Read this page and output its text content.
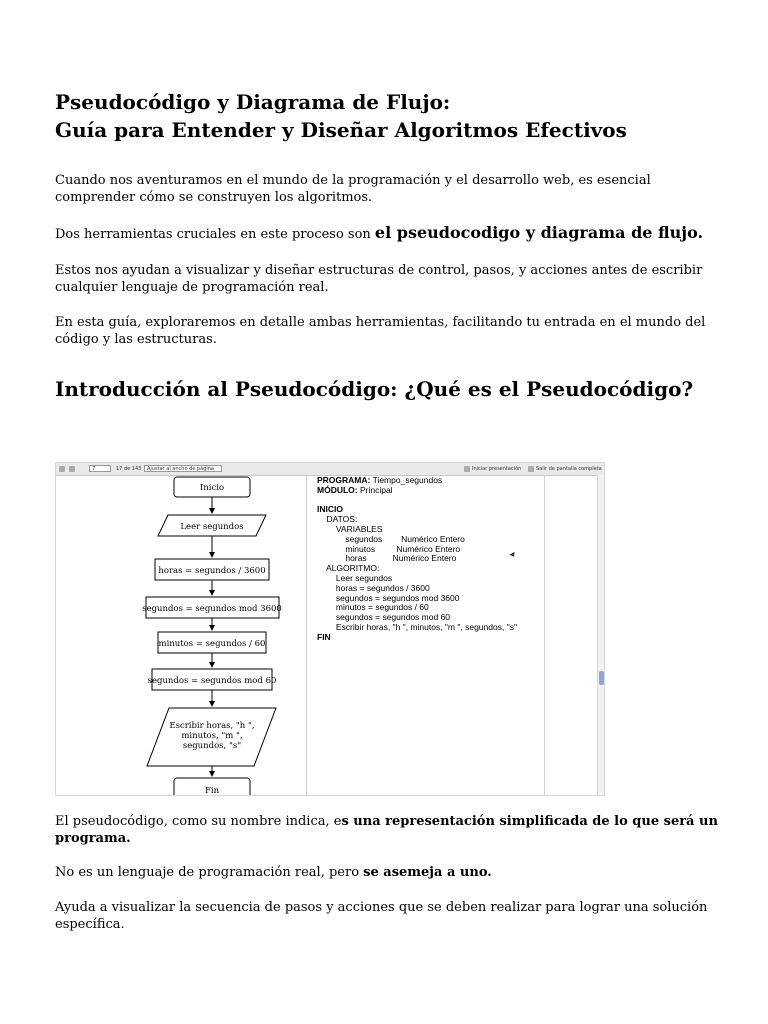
Pseudocódigo y Diagrama de Flujo:
Guía para Entender y Diseñar Algoritmos Efectivos

Cuando nos aventuramos en el mundo de la programación y el desarrollo web, es esencial comprender cómo se construyen los algoritmos.

Dos herramientas cruciales en este proceso son el pseudocodigo y diagrama de flujo.

Estos nos ayudan a visualizar y diseñar estructuras de control, pasos, y acciones antes de escribir cualquier lenguaje de programación real.

En esta guía, exploraremos en detalle ambas herramientas, facilitando tu entrada en el mundo del código y las estructuras.

Introducción al Pseudocódigo: ¿Qué es el Pseudocódigo?
7	17 de 143	Ajustar al ancho de página	Iniciar presentación	Salir de pantalla completa
Inicio
Leer segundos
horas = segundos / 3600
segundos = segundos mod 3600
minutos = segundos / 60
segundos = segundos mod 60
Escribir horas, "h ",
minutos, "m ",
segundos, "s"
Fin
PROGRAMA: Tiempo_segundos
MÓDULO: Principal
INICIO
DATOS:
VARIABLES
segundos        Numérico Entero
minutos         Numérico Entero
horas           Numérico Entero
ALGORITMO:
Leer segundos
horas = segundos / 3600
segundos = segundos mod 3600
minutos = segundos / 60
segundos = segundos mod 60
Escribir horas, "h ", minutos, "m ", segundos, "s"
FIN

El pseudocódigo, como su nombre indica, es una representación simplificada de lo que será un programa.

No es un lenguaje de programación real, pero se asemeja a uno.

Ayuda a visualizar la secuencia de pasos y acciones que se deben realizar para lograr una solución específica.
